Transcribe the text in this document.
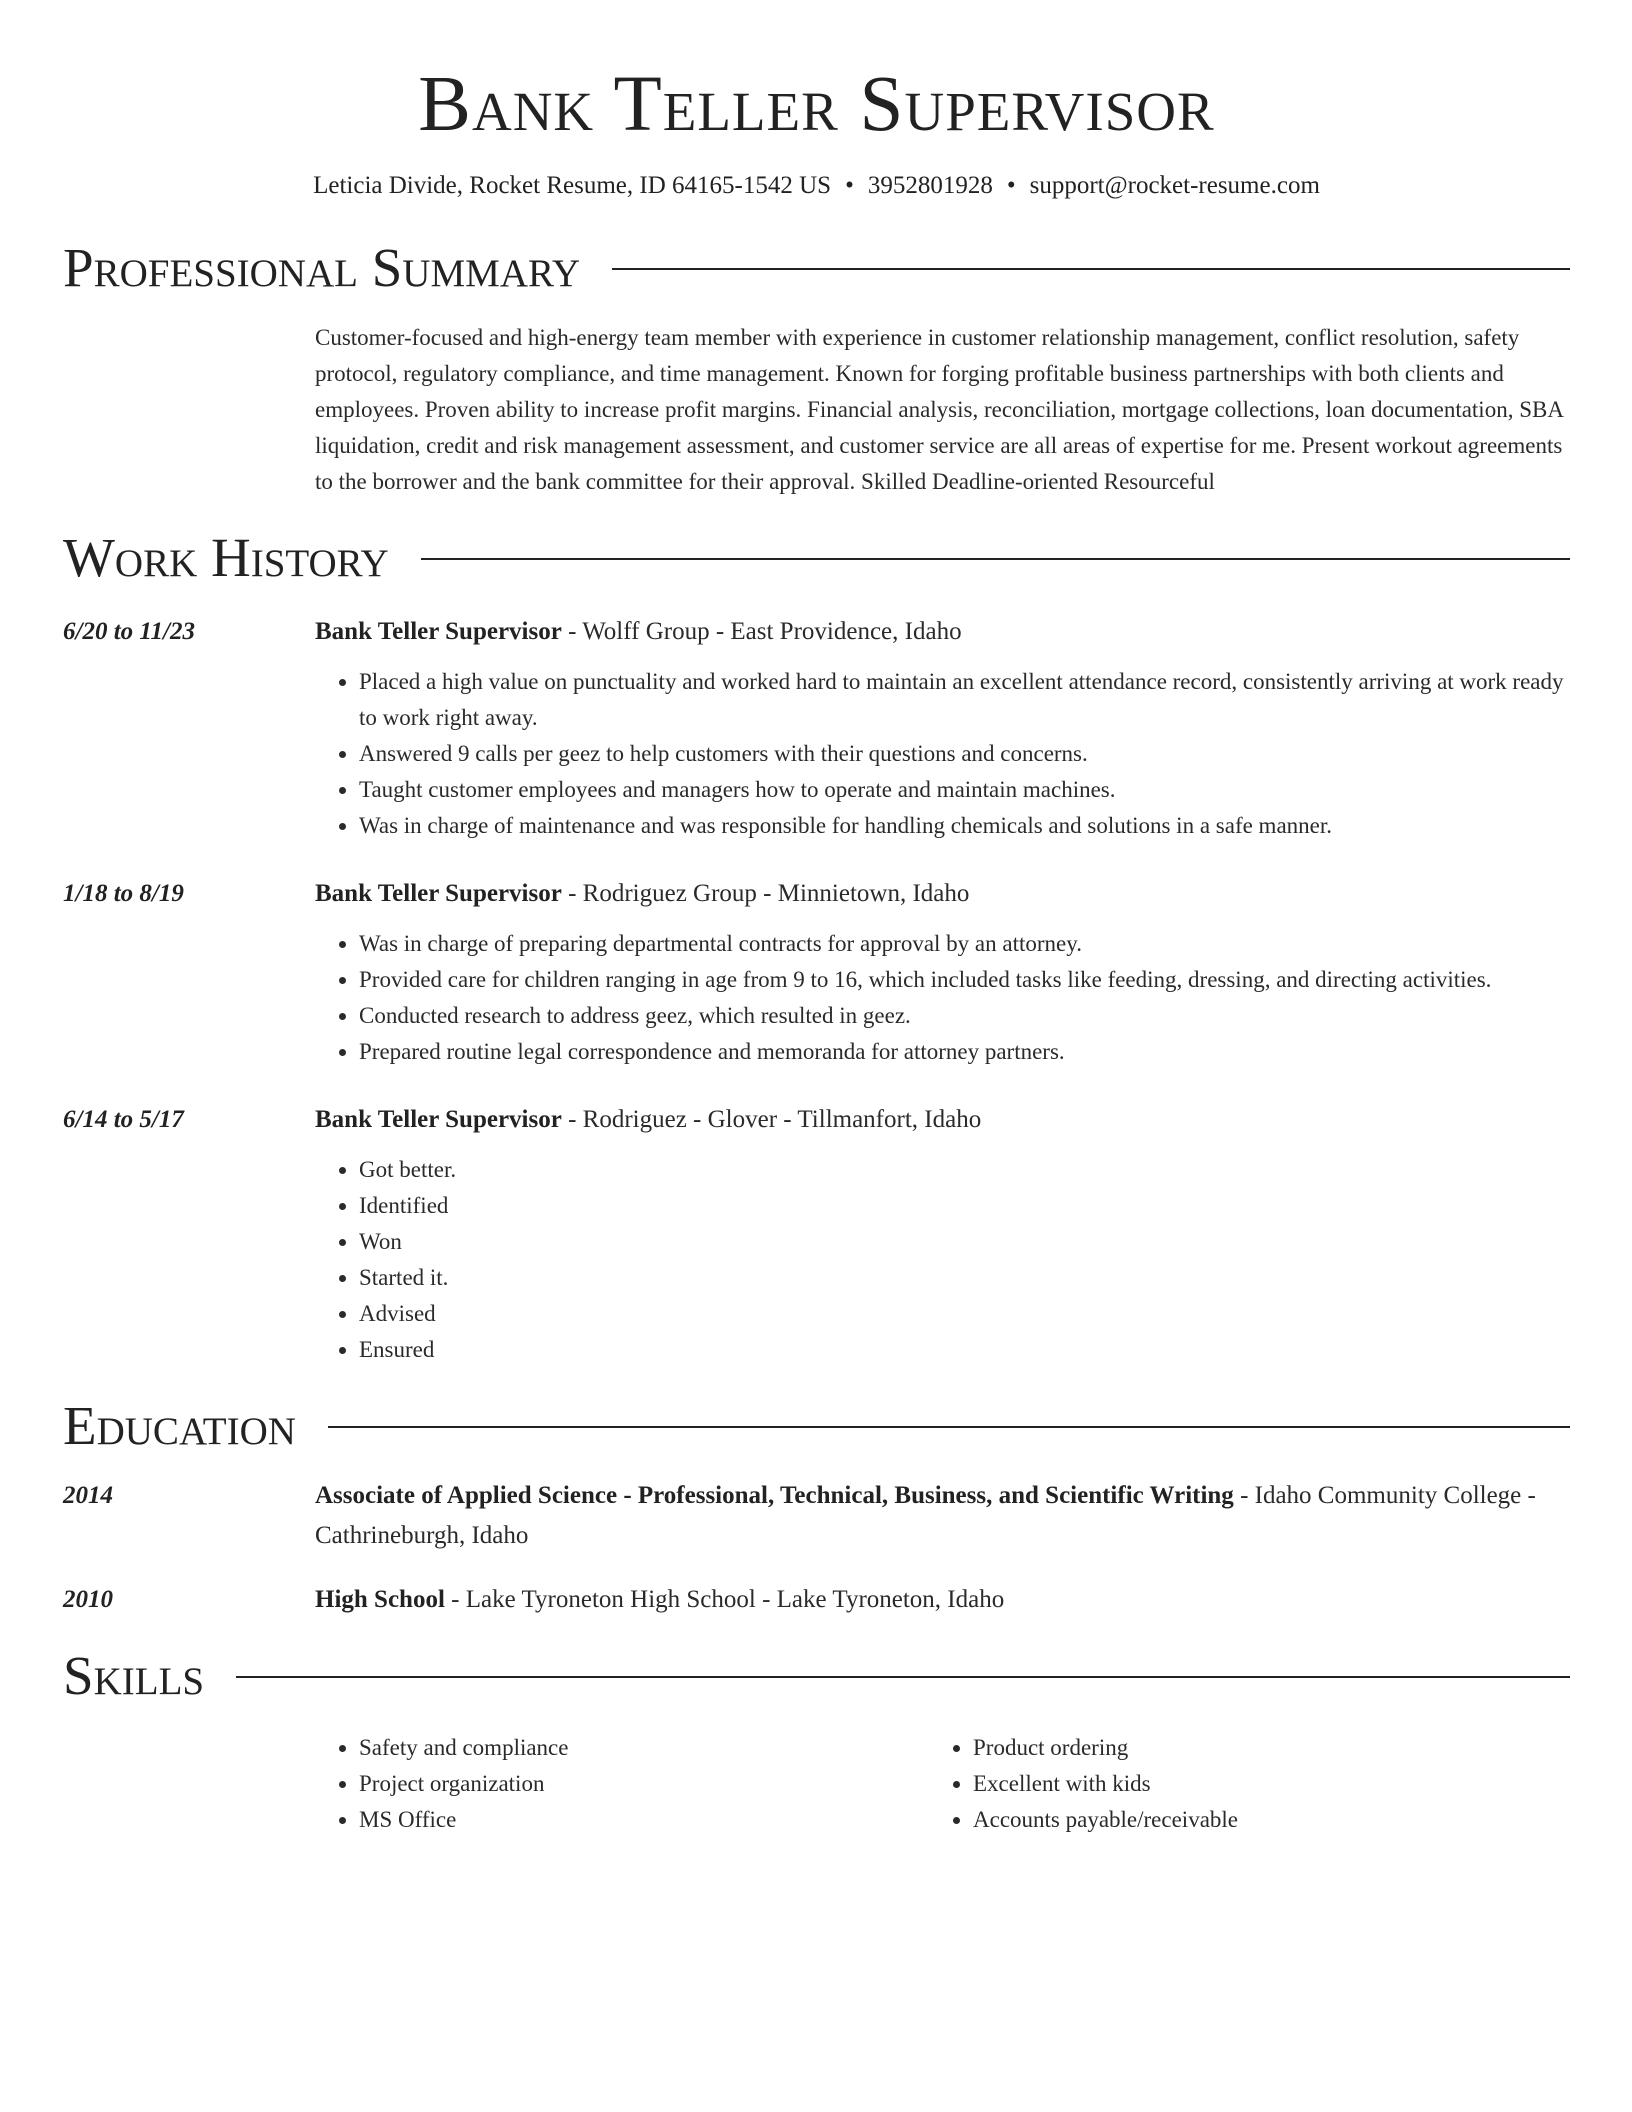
Bank Teller Supervisor
Leticia Divide, Rocket Resume, ID 64165-1542 US • 3952801928 • support@rocket-resume.com
Professional Summary
Customer-focused and high-energy team member with experience in customer relationship management, conflict resolution, safety protocol, regulatory compliance, and time management. Known for forging profitable business partnerships with both clients and employees. Proven ability to increase profit margins. Financial analysis, reconciliation, mortgage collections, loan documentation, SBA liquidation, credit and risk management assessment, and customer service are all areas of expertise for me. Present workout agreements to the borrower and the bank committee for their approval. Skilled Deadline-oriented Resourceful
Work History
6/20 to 11/23	Bank Teller Supervisor - Wolff Group - East Providence, Idaho
• Placed a high value on punctuality and worked hard to maintain an excellent attendance record, consistently arriving at work ready to work right away.
• Answered 9 calls per geez to help customers with their questions and concerns.
• Taught customer employees and managers how to operate and maintain machines.
• Was in charge of maintenance and was responsible for handling chemicals and solutions in a safe manner.
1/18 to 8/19	Bank Teller Supervisor - Rodriguez Group - Minnietown, Idaho
• Was in charge of preparing departmental contracts for approval by an attorney.
• Provided care for children ranging in age from 9 to 16, which included tasks like feeding, dressing, and directing activities.
• Conducted research to address geez, which resulted in geez.
• Prepared routine legal correspondence and memoranda for attorney partners.
6/14 to 5/17	Bank Teller Supervisor - Rodriguez - Glover - Tillmanfort, Idaho
• Got better.
• Identified
• Won
• Started it.
• Advised
• Ensured
Education
2014	Associate of Applied Science - Professional, Technical, Business, and Scientific Writing - Idaho Community College - Cathrineburgh, Idaho
2010	High School - Lake Tyroneton High School - Lake Tyroneton, Idaho
Skills
• Safety and compliance
• Project organization
• MS Office
• Product ordering
• Excellent with kids
• Accounts payable/receivable
